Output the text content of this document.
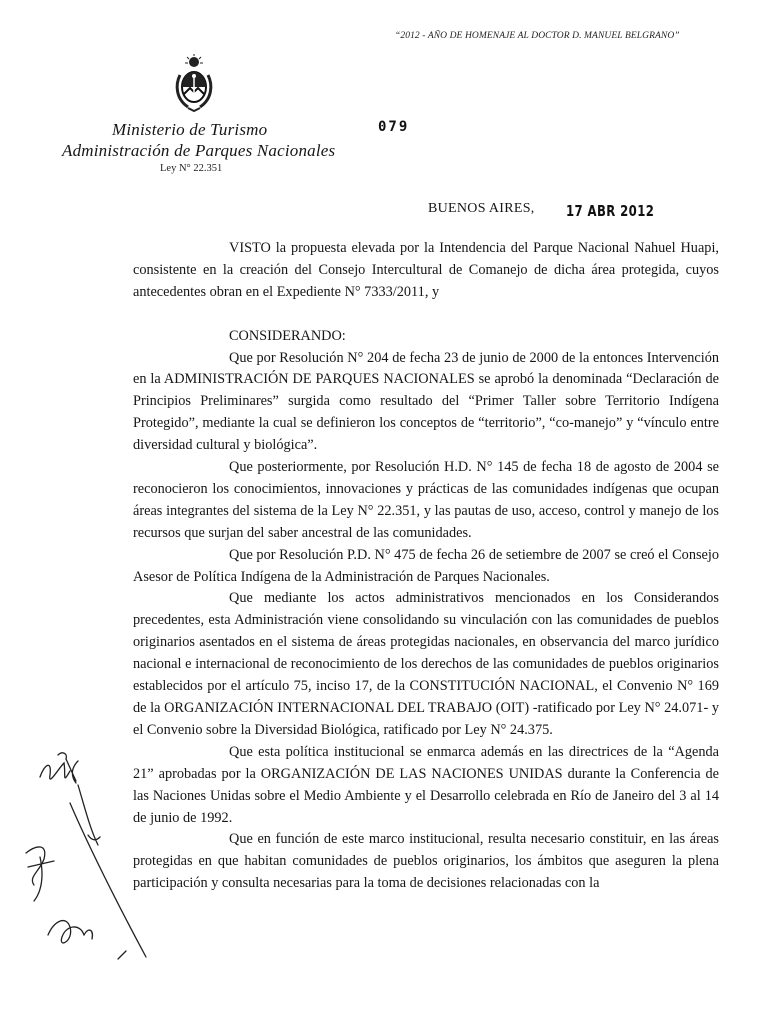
“2012 - AÑO DE HOMENAJE AL DOCTOR D. MANUEL BELGRANO”
Ministerio de Turismo
Administración de Parques Nacionales
Ley N° 22.351
079
BUENOS AIRES, 17 ABR 2012

VISTO la propuesta elevada por la Intendencia del Parque Nacional Nahuel Huapi, consistente en la creación del Consejo Intercultural de Comanejo de dicha área protegida, cuyos antecedentes obran en el Expediente N° 7333/2011, y

CONSIDERANDO:

Que por Resolución N° 204 de fecha 23 de junio de 2000 de la entonces Intervención en la ADMINISTRACIÓN DE PARQUES NACIONALES se aprobó la denominada “Declaración de Principios Preliminares” surgida como resultado del “Primer Taller sobre Territorio Indígena Protegido”, mediante la cual se definieron los conceptos de “territorio”, “co-manejo” y “vínculo entre diversidad cultural y biológica”.

Que posteriormente, por Resolución H.D. N° 145 de fecha 18 de agosto de 2004 se reconocieron los conocimientos, innovaciones y prácticas de las comunidades indígenas que ocupan áreas integrantes del sistema de la Ley N° 22.351, y las pautas de uso, acceso, control y manejo de los recursos que surjan del saber ancestral de las comunidades.

Que por Resolución P.D. N° 475 de fecha 26 de setiembre de 2007 se creó el Consejo Asesor de Política Indígena de la Administración de Parques Nacionales.

Que mediante los actos administrativos mencionados en los Considerandos precedentes, esta Administración viene consolidando su vinculación con las comunidades de pueblos originarios asentados en el sistema de áreas protegidas nacionales, en observancia del marco jurídico nacional e internacional de reconocimiento de los derechos de las comunidades de pueblos originarios establecidos por el artículo 75, inciso 17, de la CONSTITUCIÓN NACIONAL, el Convenio N° 169 de la ORGANIZACIÓN INTERNACIONAL DEL TRABAJO (OIT) -ratificado por Ley N° 24.071- y el Convenio sobre la Diversidad Biológica, ratificado por Ley N° 24.375.

Que esta política institucional se enmarca además en las directrices de la “Agenda 21” aprobadas por la ORGANIZACIÓN DE LAS NACIONES UNIDAS durante la Conferencia de las Naciones Unidas sobre el Medio Ambiente y el Desarrollo celebrada en Río de Janeiro del 3 al 14 de junio de 1992.

Que en función de este marco institucional, resulta necesario constituir, en las áreas protegidas en que habitan comunidades de pueblos originarios, los ámbitos que aseguren la plena participación y consulta necesarias para la toma de decisiones relacionadas con la
